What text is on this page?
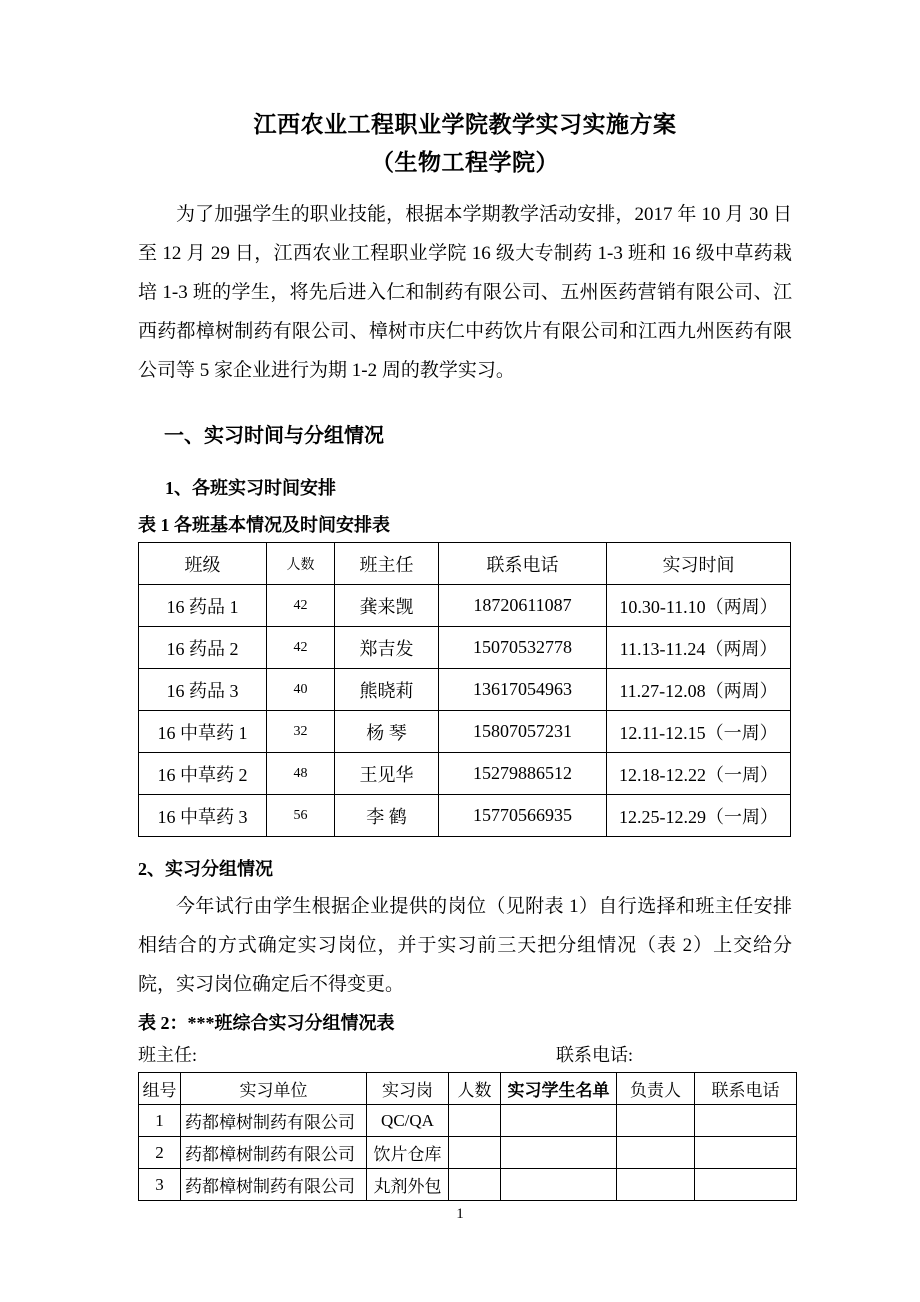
江西农业工程职业学院教学实习实施方案
（生物工程学院）

为了加强学生的职业技能，根据本学期教学活动安排，2017 年 10 月 30 日至 12 月 29 日，江西农业工程职业学院 16 级大专制药 1-3 班和 16 级中草药栽培 1-3 班的学生，将先后进入仁和制药有限公司、五州医药营销有限公司、江西药都樟树制药有限公司、樟树市庆仁中药饮片有限公司和江西九州医药有限公司等 5 家企业进行为期 1-2 周的教学实习。

一、实习时间与分组情况
1、各班实习时间安排
表 1 各班基本情况及时间安排表
班级	人数	班主任	联系电话	实习时间
16 药品 1	42	龚来觊	18720611087	10.30-11.10（两周）
16 药品 2	42	郑吉发	15070532778	11.13-11.24（两周）
16 药品 3	40	熊晓莉	13617054963	11.27-12.08（两周）
16 中草药 1	32	杨 琴	15807057231	12.11-12.15（一周）
16 中草药 2	48	王见华	15279886512	12.18-12.22（一周）
16 中草药 3	56	李 鹤	15770566935	12.25-12.29（一周）
2、实习分组情况

今年试行由学生根据企业提供的岗位（见附表 1）自行选择和班主任安排相结合的方式确定实习岗位，并于实习前三天把分组情况（表 2）上交给分院，实习岗位确定后不得变更。

表 2：***班综合实习分组情况表
班主任:	联系电话:
组号	实习单位	实习岗	人数	实习学生名单	负责人	联系电话
1	药都樟树制药有限公司	QC/QA				
2	药都樟树制药有限公司	饮片仓库				
3	药都樟树制药有限公司	丸剂外包				
1
